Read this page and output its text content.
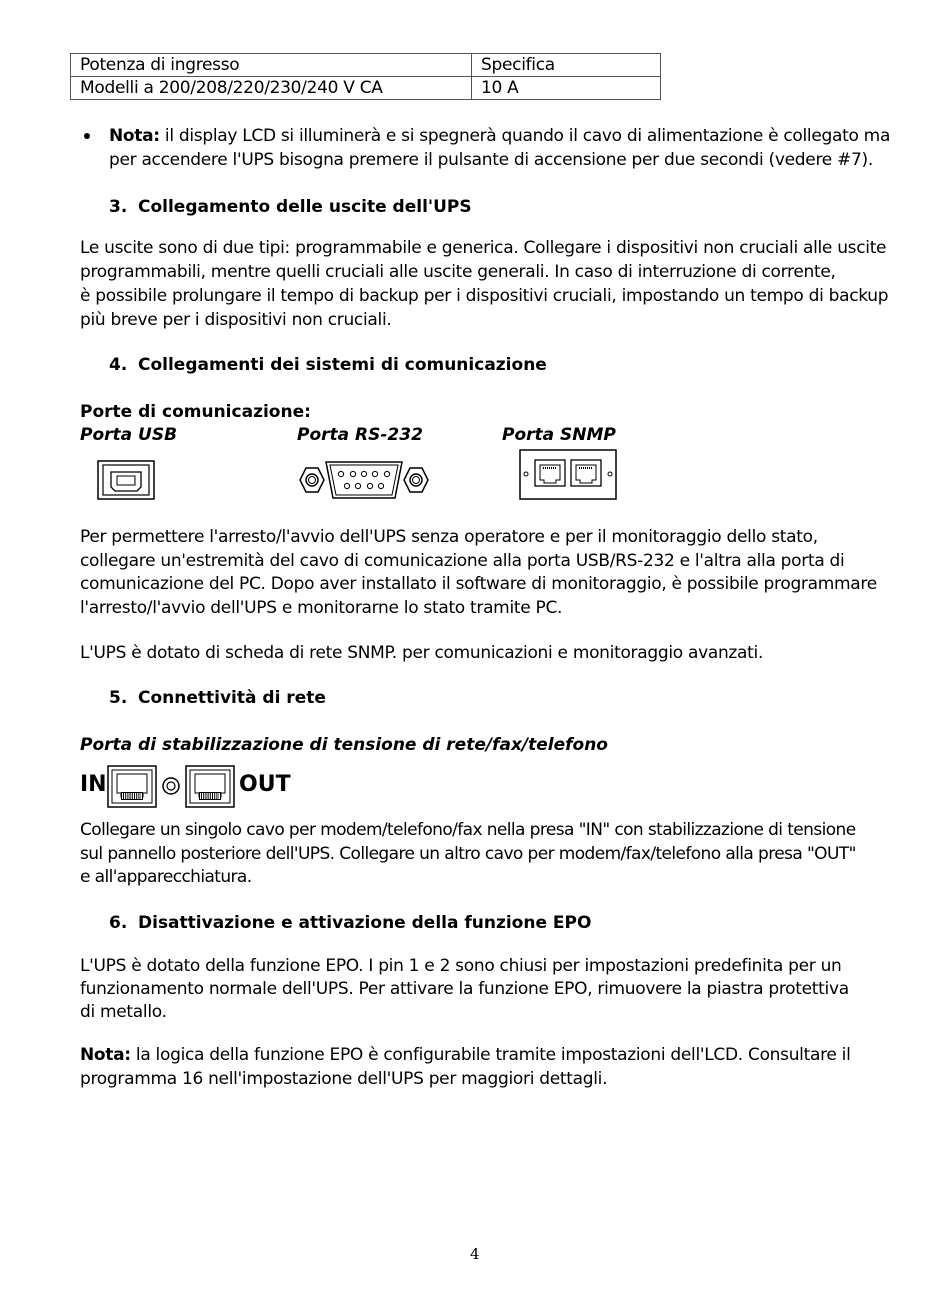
Potenza di ingresso	Specifica
Modelli a 200/208/220/230/240 V CA	10 A
Nota: il display LCD si illuminerà e si spegnerà quando il cavo di alimentazione è collegato ma
per accendere l'UPS bisogna premere il pulsante di accensione per due secondi (vedere #7).
3. Collegamento delle uscite dell'UPS
Le uscite sono di due tipi: programmabile e generica. Collegare i dispositivi non cruciali alle uscite
programmabili, mentre quelli cruciali alle uscite generali. In caso di interruzione di corrente,
è possibile prolungare il tempo di backup per i dispositivi cruciali, impostando un tempo di backup
più breve per i dispositivi non cruciali.
4. Collegamenti dei sistemi di comunicazione
Porte di comunicazione:
Porta USB	Porta RS-232	Porta SNMP
Per permettere l'arresto/l'avvio dell'UPS senza operatore e per il monitoraggio dello stato,
collegare un'estremità del cavo di comunicazione alla porta USB/RS-232 e l'altra alla porta di
comunicazione del PC. Dopo aver installato il software di monitoraggio, è possibile programmare
l'arresto/l'avvio dell'UPS e monitorarne lo stato tramite PC.
L'UPS è dotato di scheda di rete SNMP. per comunicazioni e monitoraggio avanzati.
5. Connettività di rete
Porta di stabilizzazione di tensione di rete/fax/telefono
IN	OUT
Collegare un singolo cavo per modem/telefono/fax nella presa "IN" con stabilizzazione di tensione
sul pannello posteriore dell'UPS. Collegare un altro cavo per modem/fax/telefono alla presa "OUT"
e all'apparecchiatura.
6. Disattivazione e attivazione della funzione EPO
L'UPS è dotato della funzione EPO. I pin 1 e 2 sono chiusi per impostazioni predefinita per un
funzionamento normale dell'UPS. Per attivare la funzione EPO, rimuovere la piastra protettiva
di metallo.
Nota: la logica della funzione EPO è configurabile tramite impostazioni dell'LCD. Consultare il
programma 16 nell'impostazione dell'UPS per maggiori dettagli.
4
